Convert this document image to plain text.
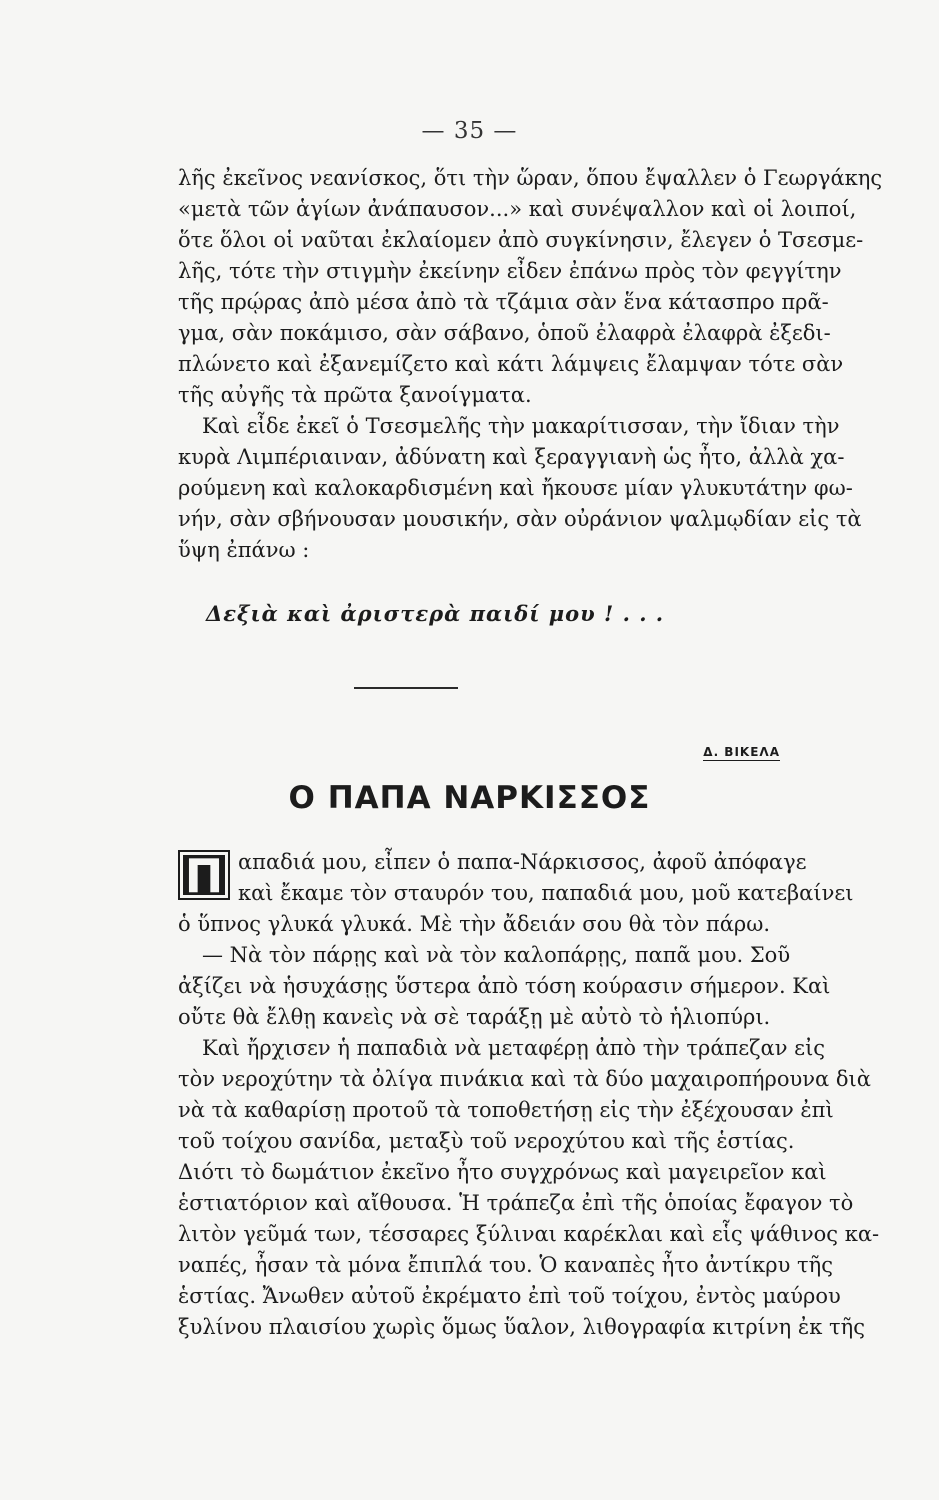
— 35 —
λῆς ἐκεῖνος νεανίσκος, ὅτι τὴν ὥραν, ὅπου ἔψαλλεν ὁ Γεωργάκης
«μετὰ τῶν ἁγίων ἀνάπαυσον...» καὶ συνέψαλλον καὶ οἱ λοιποί,
ὅτε ὅλοι οἱ ναῦται ἐκλαίομεν ἀπὸ συγκίνησιν, ἔλεγεν ὁ Τσεσμε-
λῆς, τότε τὴν στιγμὴν ἐκείνην εἶδεν ἐπάνω πρὸς τὸν φεγγίτην
τῆς πρῴρας ἀπὸ μέσα ἀπὸ τὰ τζάμια σὰν ἕνα κάτασπρο πρᾶ-
γμα, σὰν ποκάμισο, σὰν σάβανο, ὁποῦ ἐλαφρὰ ἐλαφρὰ ἐξεδι-
πλώνετο καὶ ἐξανεμίζετο καὶ κάτι λάμψεις ἔλαμψαν τότε σὰν
τῆς αὐγῆς τὰ πρῶτα ξανοίγματα.
Καὶ εἶδε ἐκεῖ ὁ Τσεσμελῆς τὴν μακαρίτισσαν, τὴν ἴδιαν τὴν
κυρὰ Λιμπέριαιναν, ἀδύνατη καὶ ξεραγγιανὴ ὡς ἦτο, ἀλλὰ χα-
ρούμενη καὶ καλοκαρδισμένη καὶ ἤκουσε μίαν γλυκυτάτην φω-
νήν, σὰν σβήνουσαν μουσικήν, σὰν οὐράνιον ψαλμῳδίαν εἰς τὰ
ὕψη ἐπάνω :
Δεξιὰ καὶ ἀριστερὰ παιδί μου ! . . .
Δ. ΒΙΚΕΛΑ
Ο ΠΑΠΑ ΝΑΡΚΙΣΣΟΣ
Π απαδιά μου, εἶπεν ὁ παπα-Νάρκισσος, ἀφοῦ ἀπόφαγε
καὶ ἔκαμε τὸν σταυρόν του, παπαδιά μου, μοῦ κατεβαίνει
ὁ ὕπνος γλυκά γλυκά. Μὲ τὴν ἄδειάν σου θὰ τὸν πάρω.
— Νὰ τὸν πάρῃς καὶ νὰ τὸν καλοπάρῃς, παπᾶ μου. Σοῦ
ἀξίζει νὰ ἡσυχάσῃς ὕστερα ἀπὸ τόση κούρασιν σήμερον. Καὶ
οὔτε θὰ ἔλθῃ κανεὶς νὰ σὲ ταράξῃ μὲ αὐτὸ τὸ ἡλιοπύρι.
Καὶ ἤρχισεν ἡ παπαδιὰ νὰ μεταφέρῃ ἀπὸ τὴν τράπεζαν εἰς
τὸν νεροχύτην τὰ ὀλίγα πινάκια καὶ τὰ δύο μαχαιροπήρουνα διὰ
νὰ τὰ καθαρίσῃ προτοῦ τὰ τοποθετήσῃ εἰς τὴν ἐξέχουσαν ἐπὶ
τοῦ τοίχου σανίδα, μεταξὺ τοῦ νεροχύτου καὶ τῆς ἑστίας.
Διότι τὸ δωμάτιον ἐκεῖνο ἦτο συγχρόνως καὶ μαγειρεῖον καὶ
ἑστιατόριον καὶ αἴθουσα. Ἡ τράπεζα ἐπὶ τῆς ὁποίας ἔφαγον τὸ
λιτὸν γεῦμά των, τέσσαρες ξύλιναι καρέκλαι καὶ εἷς ψάθινος κα-
ναπές, ἦσαν τὰ μόνα ἔπιπλά του. Ὁ καναπὲς ἦτο ἀντίκρυ τῆς
ἑστίας. Ἄνωθεν αὐτοῦ ἐκρέματο ἐπὶ τοῦ τοίχου, ἐντὸς μαύρου
ξυλίνου πλαισίου χωρὶς ὅμως ὕαλον, λιθογραφία κιτρίνη ἐκ τῆς
